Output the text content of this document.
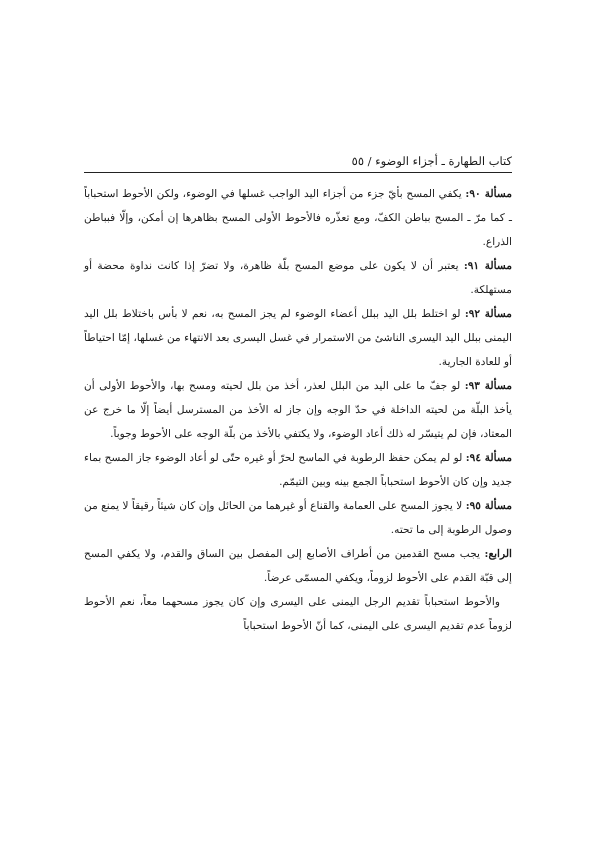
كتاب الطهارة ـ أجزاء الوضوء / ٥٥

مسألة ٩٠: يكفي المسح بأيّ جزء من أجزاء اليد الواجب غسلها في الوضوء، ولكن الأحوط استحباباً ـ كما مرّ ـ المسح بباطن الكفّ، ومع تعذّره فالأحوط الأولى المسح بظاهرها إن أمكن، وإلّا فبباطن الذراع.

مسألة ٩١: يعتبر أن لا يكون على موضع المسح بلّة ظاهرة، ولا تضرّ إذا كانت نداوة محضة أو مستهلكة.

مسألة ٩٢: لو اختلط بلل اليد ببلل أعضاء الوضوء لم يجز المسح به، نعم لا بأس باختلاط بلل اليد اليمنى ببلل اليد اليسرى الناشئ من الاستمرار في غسل اليسرى بعد الانتهاء من غسلها، إمّا احتياطاً أو للعادة الجارية.

مسألة ٩٣: لو جفّ ما على اليد من البلل لعذر، أخذ من بلل لحيته ومسح بها، والأحوط الأولى أن يأخذ البلّة من لحيته الداخلة في حدّ الوجه وإن جاز له الأخذ من المسترسل أيضاً إلّا ما خرج عن المعتاد، فإن لم يتيسّر له ذلك أعاد الوضوء، ولا يكتفي بالأخذ من بلّة الوجه على الأحوط وجوباً.

مسألة ٩٤: لو لم يمكن حفظ الرطوبة في الماسح لحرّ أو غيره حتّى لو أعاد الوضوء جاز المسح بماء جديد وإن كان الأحوط استحباباً الجمع بينه وبين التيمّم.

مسألة ٩٥: لا يجوز المسح على العمامة والقناع أو غيرهما من الحائل وإن كان شيئاً رقيقاً لا يمنع من وصول الرطوبة إلى ما تحته.

الرابع: يجب مسح القدمين من أطراف الأصابع إلى المفصل بين الساق والقدم، ولا يكفي المسح إلى قبّة القدم على الأحوط لزوماً، ويكفي المسمّى عرضاً.

والأحوط استحباباً تقديم الرجل اليمنى على اليسرى وإن كان يجوز مسحهما معاً، نعم الأحوط لزوماً عدم تقديم اليسرى على اليمنى، كما أنّ الأحوط استحباباً
